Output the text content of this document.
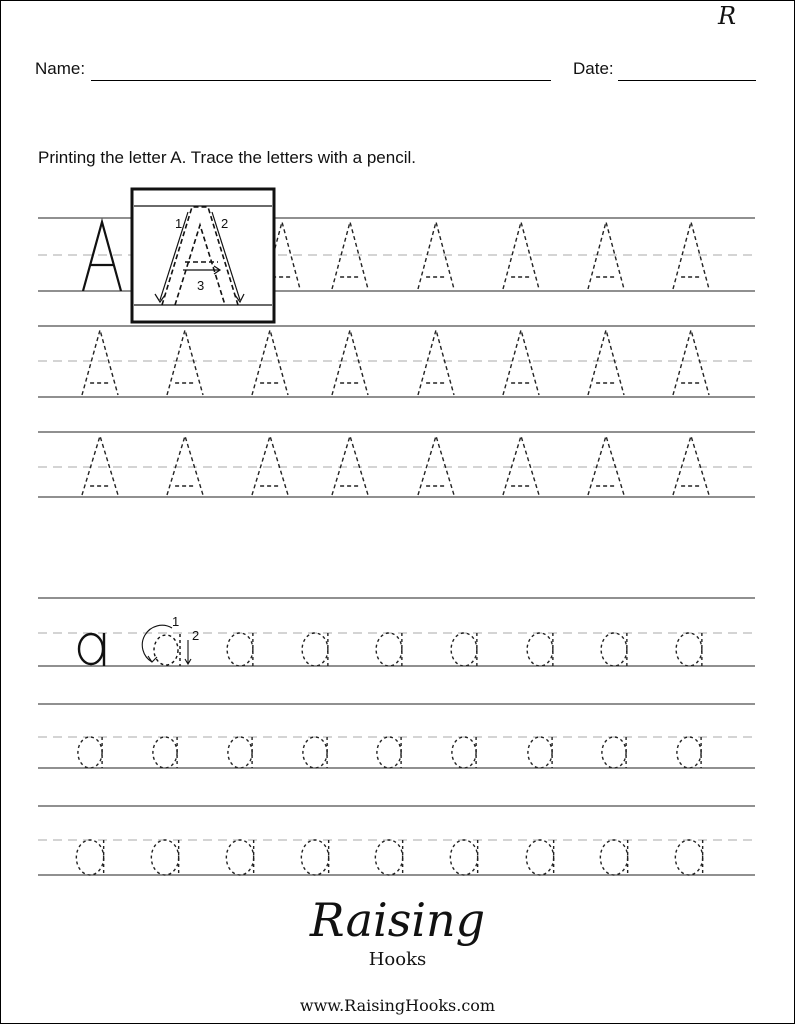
R
Name:	Date:
Printing the letter A. Trace the letters with a pencil.
1	2
3
1
2
Raising
Hooks
www.RaisingHooks.com
